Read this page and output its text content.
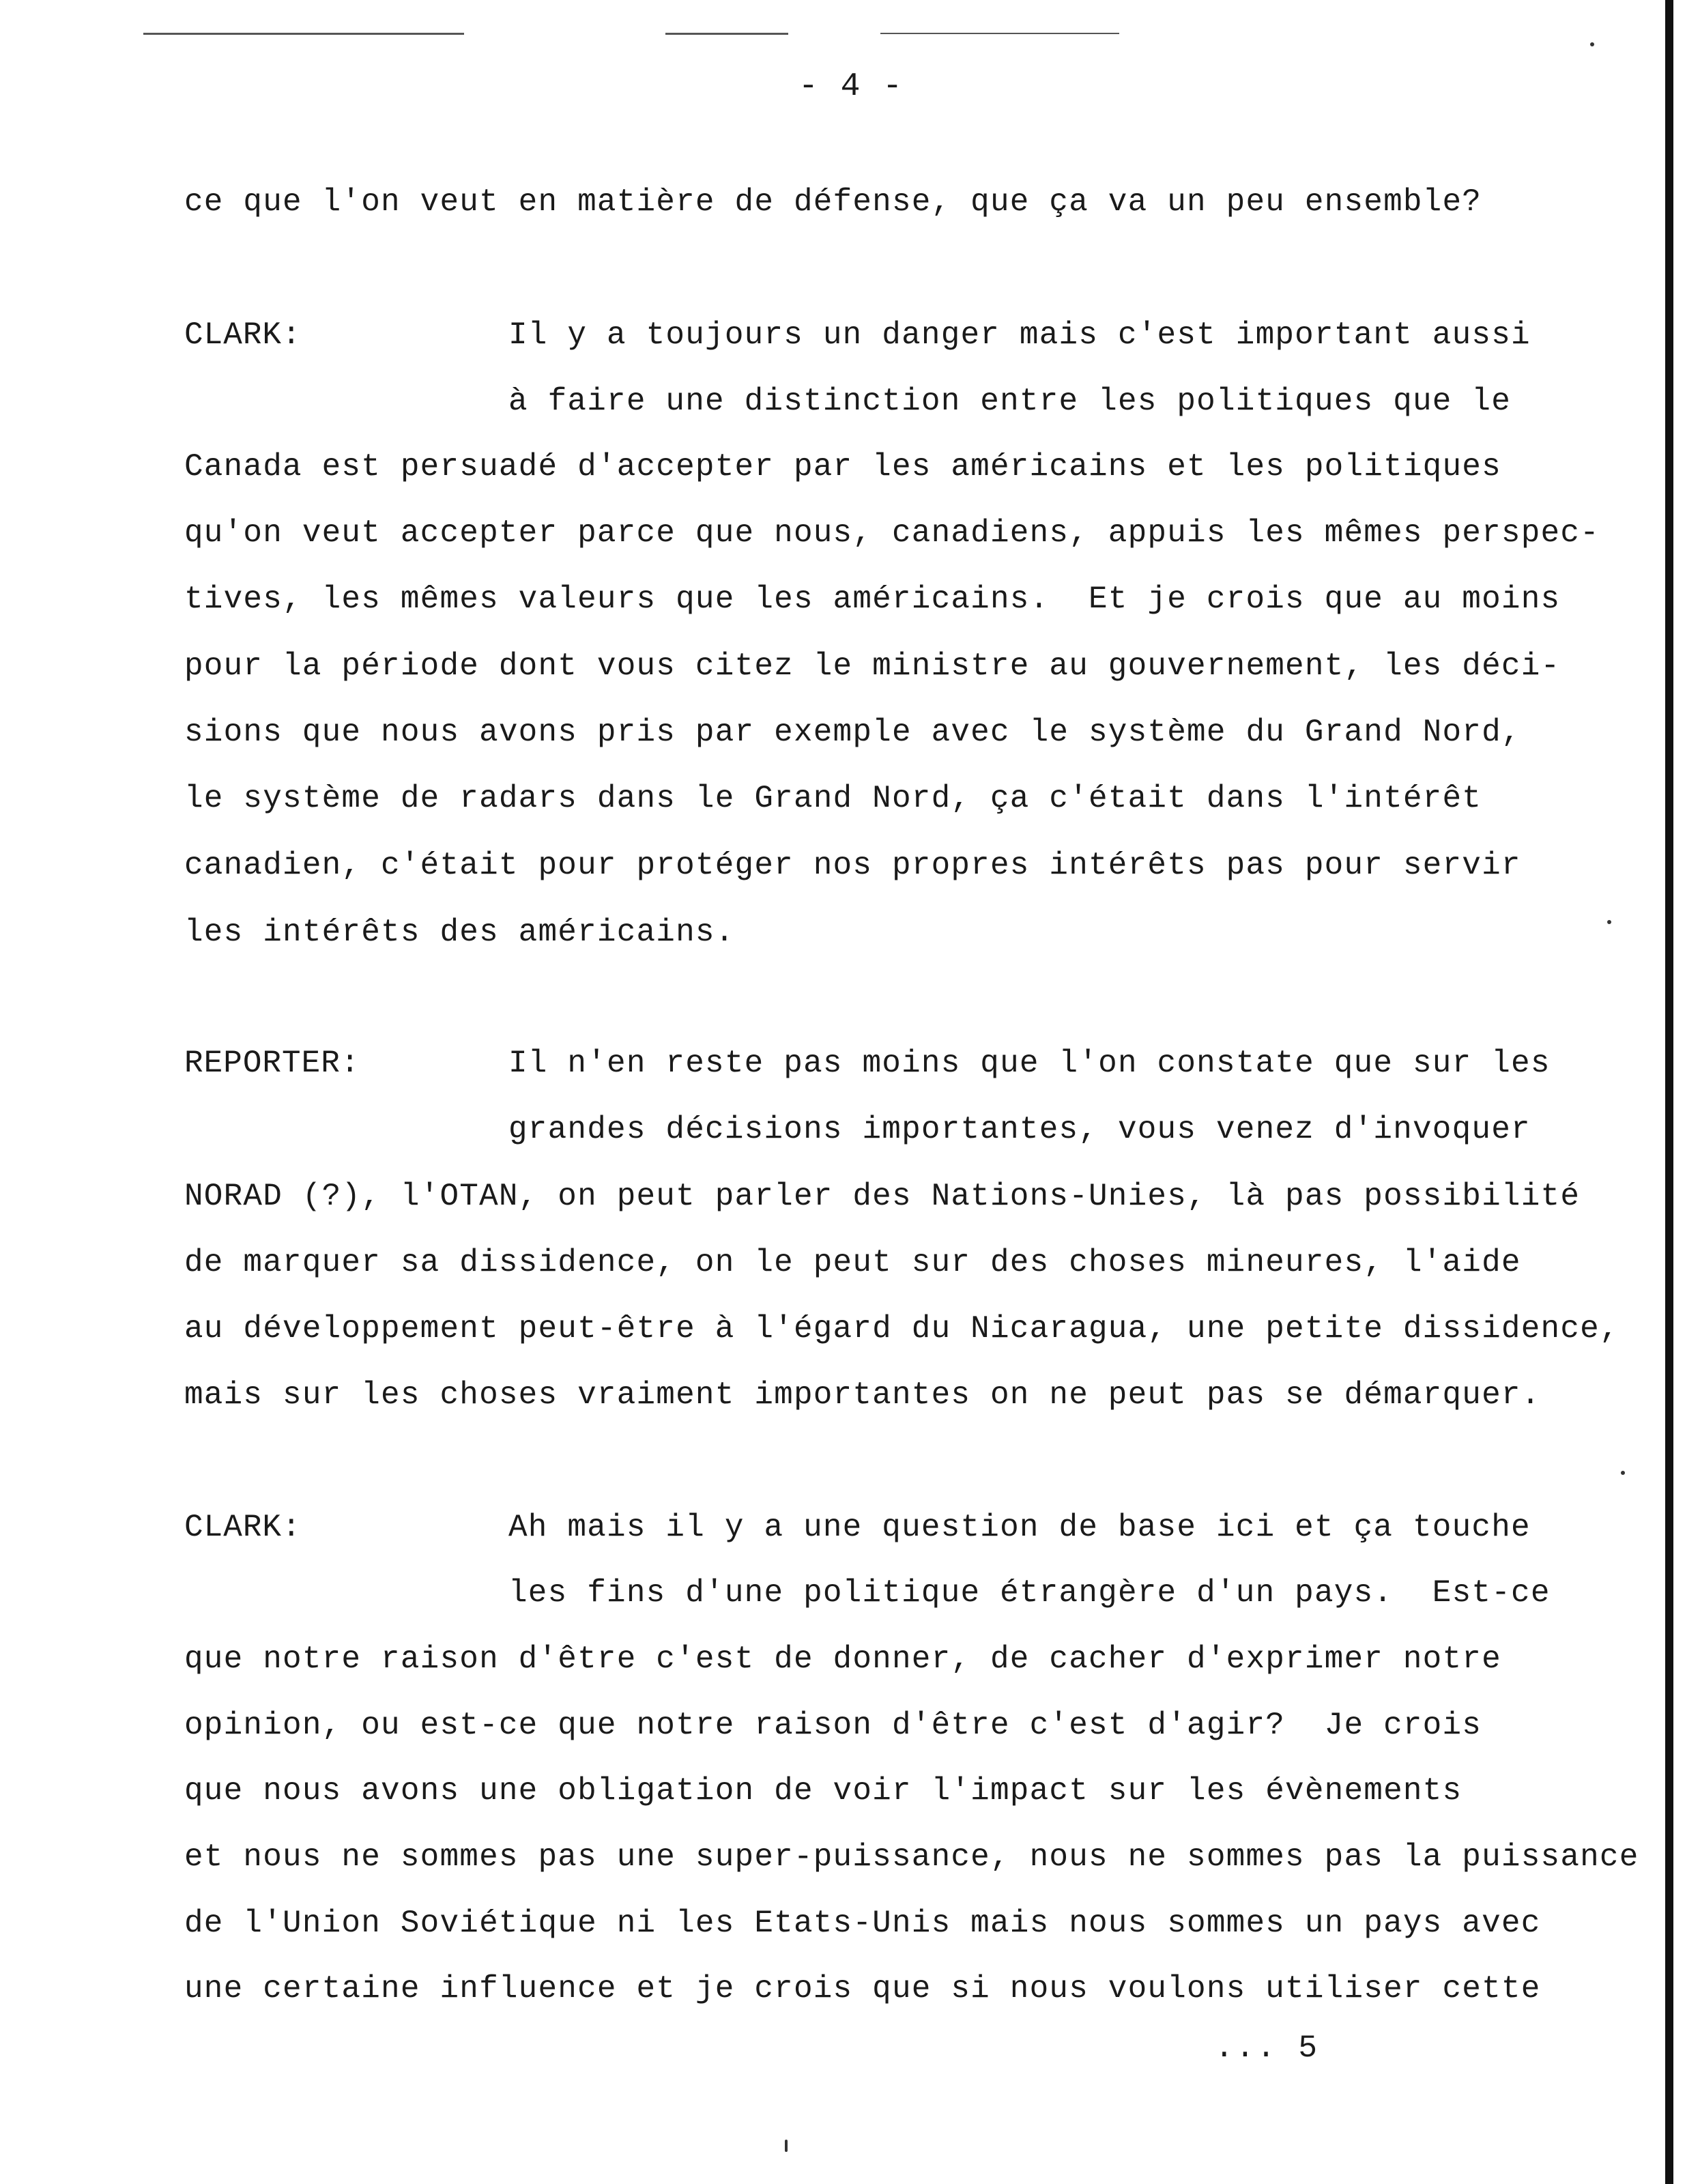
- 4 -
ce que l'on veut en matière de défense, que ça va un peu ensemble?
CLARK:	Il y a toujours un danger mais c'est important aussi
à faire une distinction entre les politiques que le
Canada est persuadé d'accepter par les américains et les politiques
qu'on veut accepter parce que nous, canadiens, appuis les mêmes perspec-
tives, les mêmes valeurs que les américains.  Et je crois que au moins
pour la période dont vous citez le ministre au gouvernement, les déci-
sions que nous avons pris par exemple avec le système du Grand Nord,
le système de radars dans le Grand Nord, ça c'était dans l'intérêt
canadien, c'était pour protéger nos propres intérêts pas pour servir
les intérêts des américains.
REPORTER:	Il n'en reste pas moins que l'on constate que sur les
grandes décisions importantes, vous venez d'invoquer
NORAD (?), l'OTAN, on peut parler des Nations-Unies, là pas possibilité
de marquer sa dissidence, on le peut sur des choses mineures, l'aide
au développement peut-être à l'égard du Nicaragua, une petite dissidence,
mais sur les choses vraiment importantes on ne peut pas se démarquer.
CLARK:	Ah mais il y a une question de base ici et ça touche
les fins d'une politique étrangère d'un pays.  Est-ce
que notre raison d'être c'est de donner, de cacher d'exprimer notre
opinion, ou est-ce que notre raison d'être c'est d'agir?  Je crois
que nous avons une obligation de voir l'impact sur les évènements
et nous ne sommes pas une super-puissance, nous ne sommes pas la puissance
de l'Union Soviétique ni les Etats-Unis mais nous sommes un pays avec
une certaine influence et je crois que si nous voulons utiliser cette
... 5
